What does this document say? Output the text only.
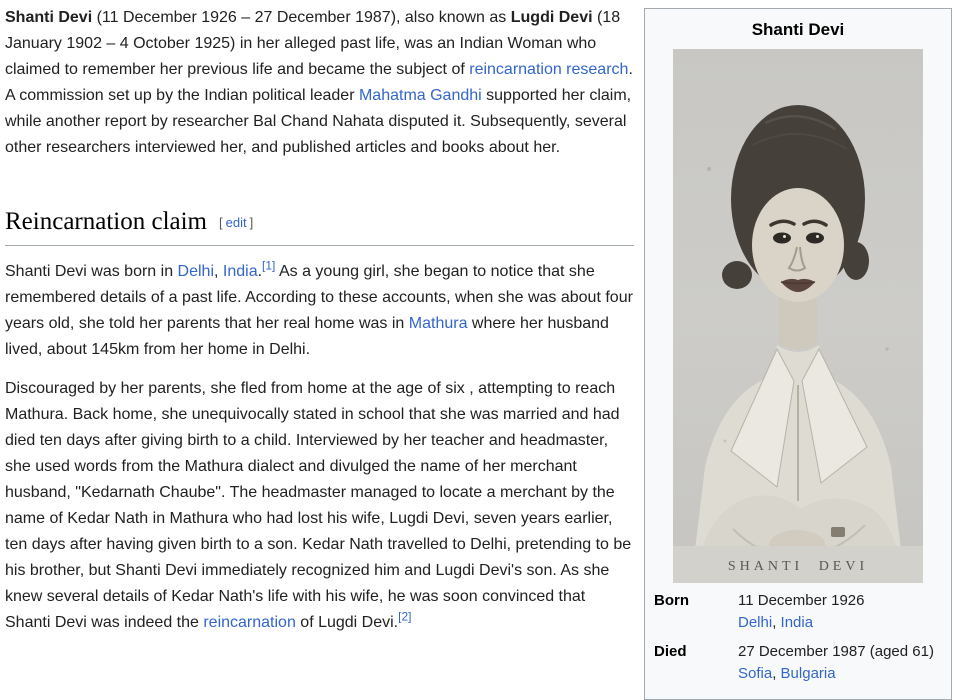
Shanti Devi (11 December 1926 – 27 December 1987), also known as Lugdi Devi (18 January 1902 – 4 October 1925) in her alleged past life, was an Indian Woman who claimed to remember her previous life and became the subject of reincarnation research. A commission set up by the Indian political leader Mahatma Gandhi supported her claim, while another report by researcher Bal Chand Nahata disputed it. Subsequently, several other researchers interviewed her, and published articles and books about her.

Reincarnation claim [ edit ]

Shanti Devi was born in Delhi, India.[1] As a young girl, she began to notice that she remembered details of a past life. According to these accounts, when she was about four years old, she told her parents that her real home was in Mathura where her husband lived, about 145km from her home in Delhi.

Discouraged by her parents, she fled from home at the age of six , attempting to reach Mathura. Back home, she unequivocally stated in school that she was married and had died ten days after giving birth to a child. Interviewed by her teacher and headmaster, she used words from the Mathura dialect and divulged the name of her merchant husband, "Kedarnath Chaube". The headmaster managed to locate a merchant by the name of Kedar Nath in Mathura who had lost his wife, Lugdi Devi, seven years earlier, ten days after having given birth to a son. Kedar Nath travelled to Delhi, pretending to be his brother, but Shanti Devi immediately recognized him and Lugdi Devi's son. As she knew several details of Kedar Nath's life with his wife, he was soon convinced that Shanti Devi was indeed the reincarnation of Lugdi Devi.[2]

Shanti Devi
SHANTI DEVI
Born	11 December 1926
Delhi, India
Died	27 December 1987 (aged 61)
Sofia, Bulgaria
